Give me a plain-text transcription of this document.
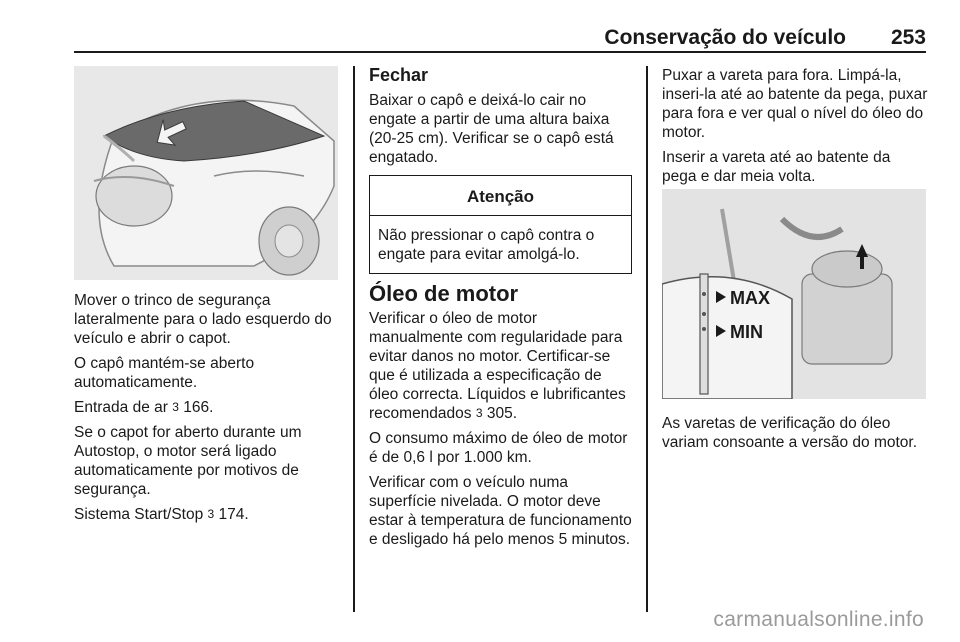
Conservação do veículo 253

Mover o trinco de segurança lateralmente para o lado esquerdo do veículo e abrir o capot.

O capô mantém-se aberto automaticamente.

Entrada de ar 3 166.

Se o capot for aberto durante um Autostop, o motor será ligado automaticamente por motivos de segurança.

Sistema Start/Stop 3 174.

Fechar

Baixar o capô e deixá-lo cair no engate a partir de uma altura baixa (20-25 cm). Verificar se o capô está engatado.

Atenção
Não pressionar o capô contra o engate para evitar amolgá-lo.
Óleo de motor

Verificar o óleo de motor manualmente com regularidade para evitar danos no motor. Certificar-se que é utilizada a especificação de óleo correcta. Líquidos e lubrificantes recomendados 3 305.

O consumo máximo de óleo de motor é de 0,6 l por 1.000 km.

Verificar com o veículo numa superfície nivelada. O motor deve estar à temperatura de funcionamento e desligado há pelo menos 5 minutos.

Puxar a vareta para fora. Limpá-la, inseri-la até ao batente da pega, puxar para fora e ver qual o nível do óleo do motor.

Inserir a vareta até ao batente da pega e dar meia volta.

MAX
MIN

As varetas de verificação do óleo variam consoante a versão do motor.

carmanualsonline.info
